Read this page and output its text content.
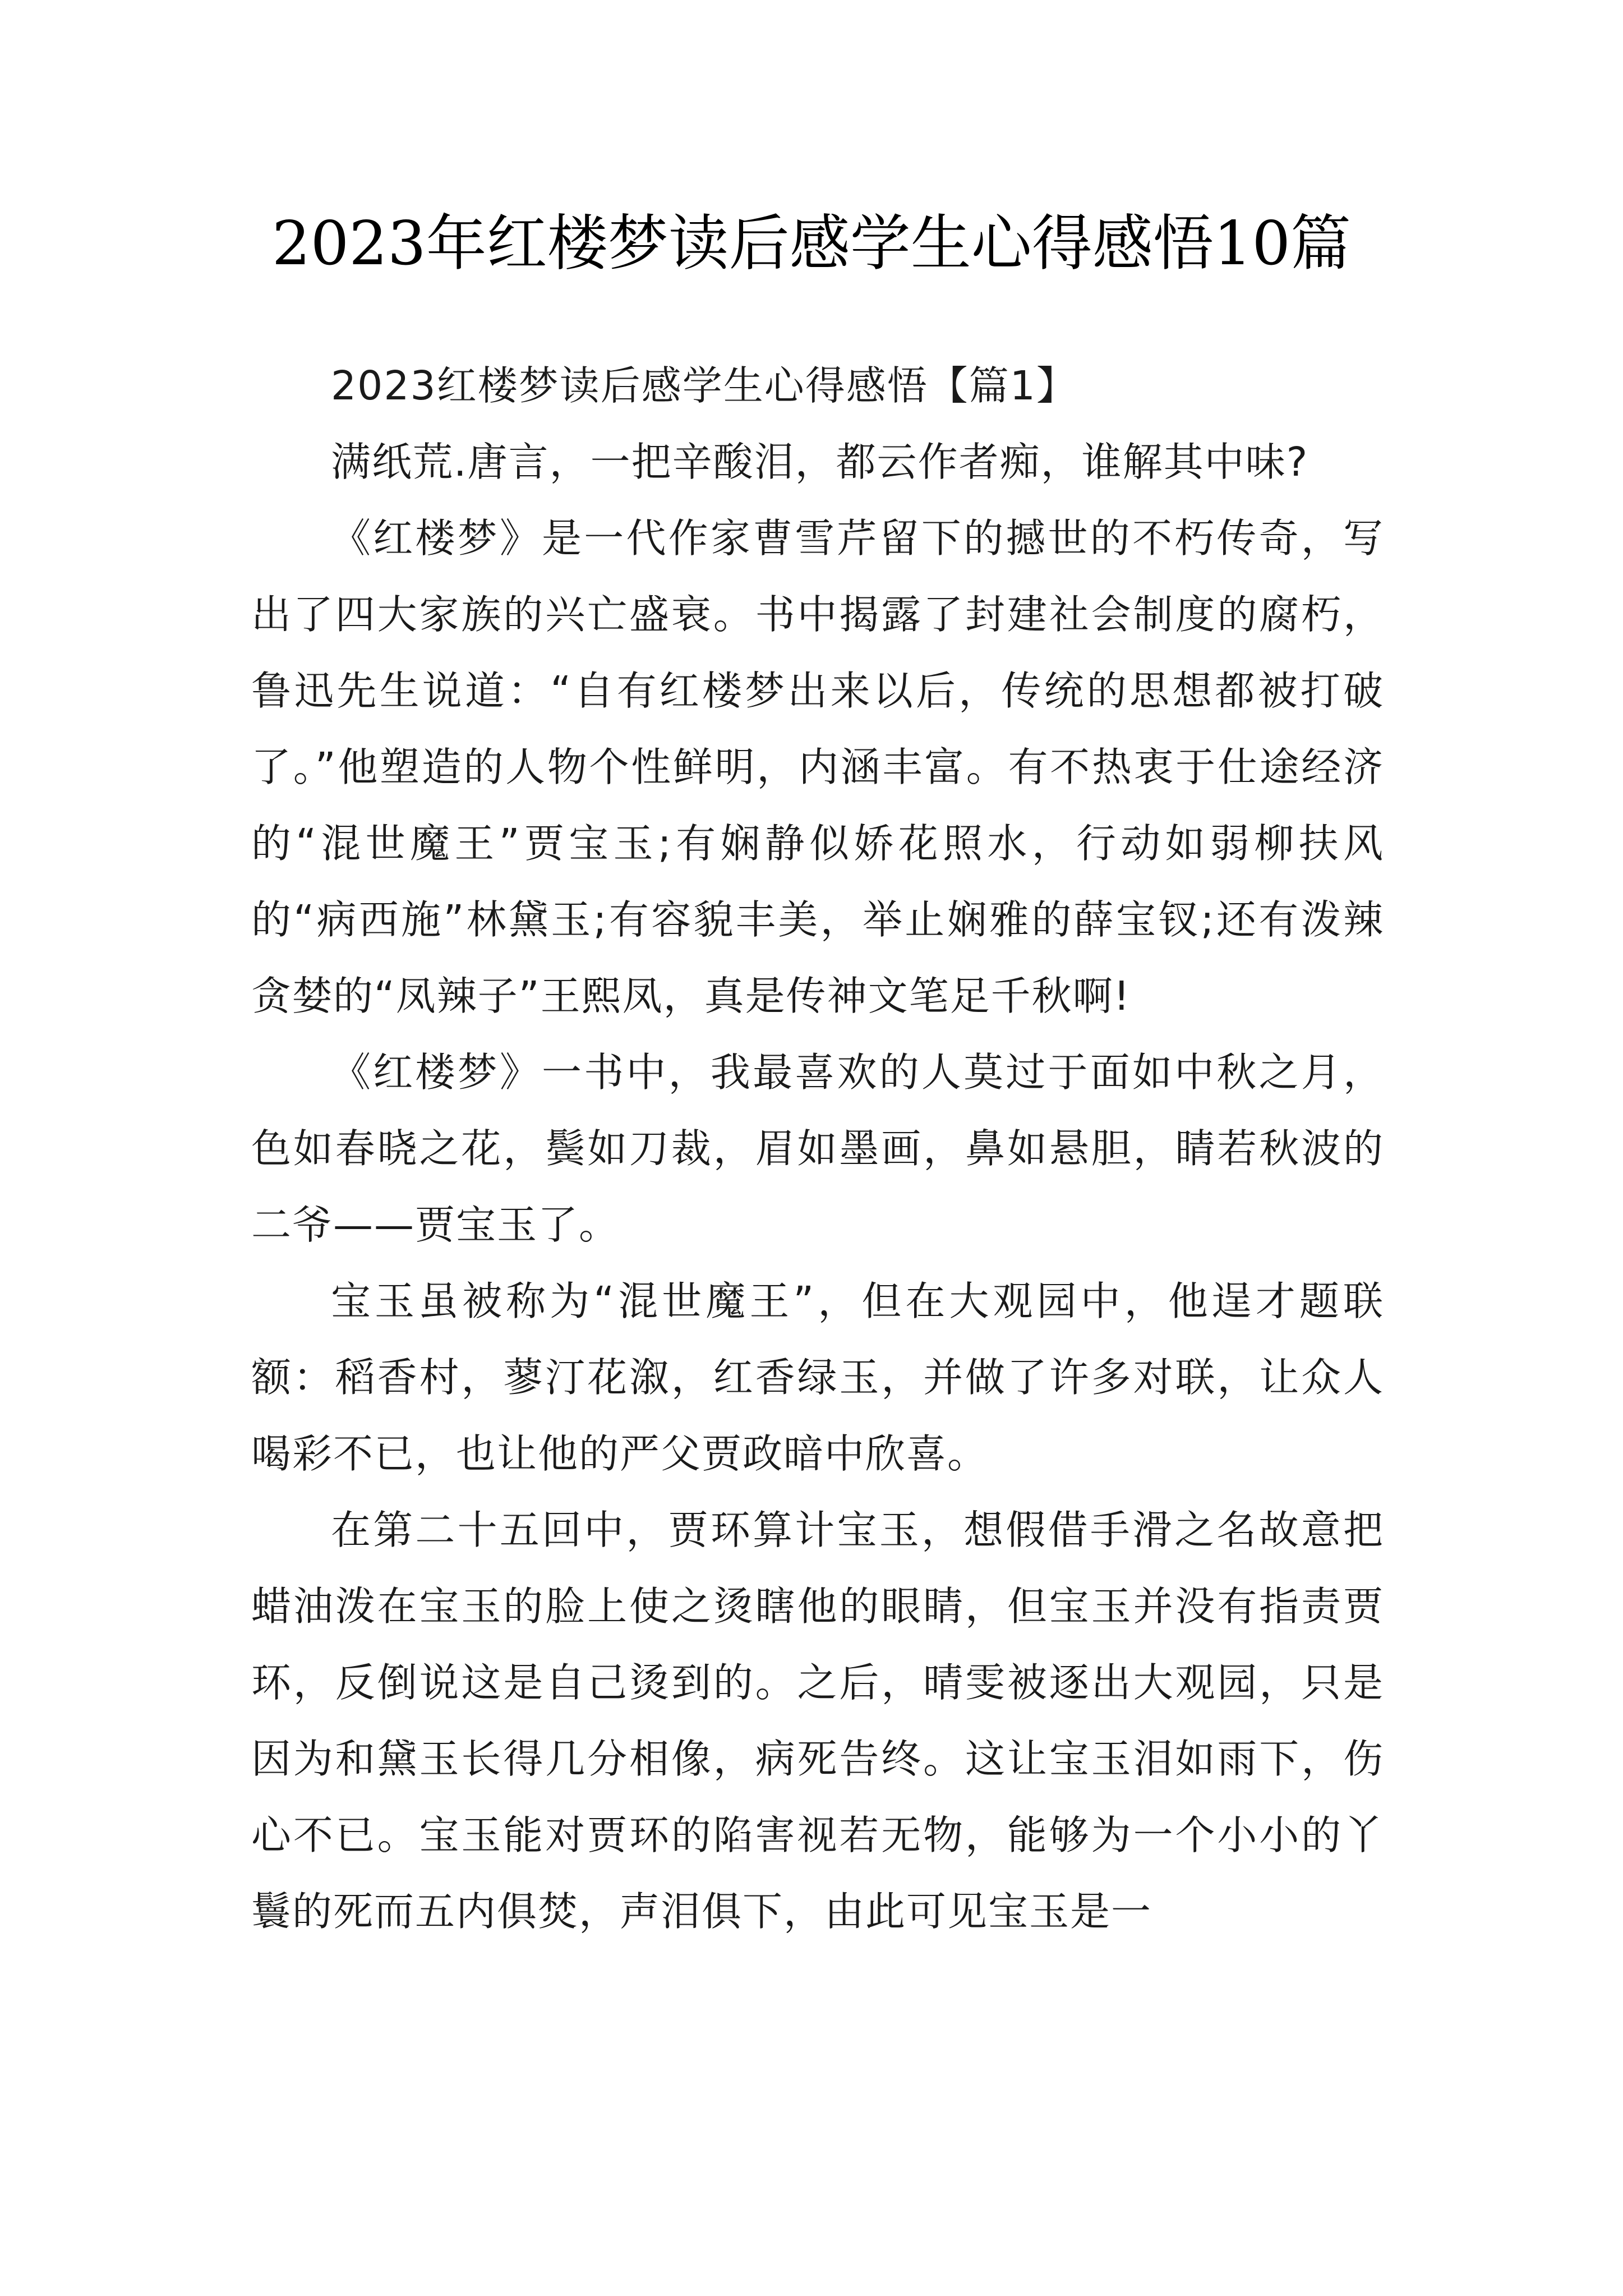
2023年红楼梦读后感学生心得感悟10篇

2023红楼梦读后感学生心得感悟【篇1】

满纸荒.唐言，一把辛酸泪，都云作者痴，谁解其中味?

《红楼梦》是一代作家曹雪芹留下的撼世的不朽传奇，写出了四大家族的兴亡盛衰。书中揭露了封建社会制度的腐朽，鲁迅先生说道：“自有红楼梦出来以后，传统的思想都被打破了。”他塑造的人物个性鲜明，内涵丰富。有不热衷于仕途经济的“混世魔王”贾宝玉;有娴静似娇花照水，行动如弱柳扶风的“病西施”林黛玉;有容貌丰美，举止娴雅的薛宝钗;还有泼辣贪婪的“凤辣子”王熙凤，真是传神文笔足千秋啊!

《红楼梦》一书中，我最喜欢的人莫过于面如中秋之月，色如春晓之花，鬓如刀裁，眉如墨画，鼻如悬胆，睛若秋波的二爷——贾宝玉了。

宝玉虽被称为“混世魔王”，但在大观园中，他逞才题联额：稻香村，蓼汀花溆，红香绿玉，并做了许多对联，让众人喝彩不已，也让他的严父贾政暗中欣喜。

在第二十五回中，贾环算计宝玉，想假借手滑之名故意把蜡油泼在宝玉的脸上使之烫瞎他的眼睛，但宝玉并没有指责贾环，反倒说这是自己烫到的。之后，晴雯被逐出大观园，只是因为和黛玉长得几分相像，病死告终。这让宝玉泪如雨下，伤心不已。宝玉能对贾环的陷害视若无物，能够为一个小小的丫鬟的死而五内俱焚，声泪俱下，由此可见宝玉是一
